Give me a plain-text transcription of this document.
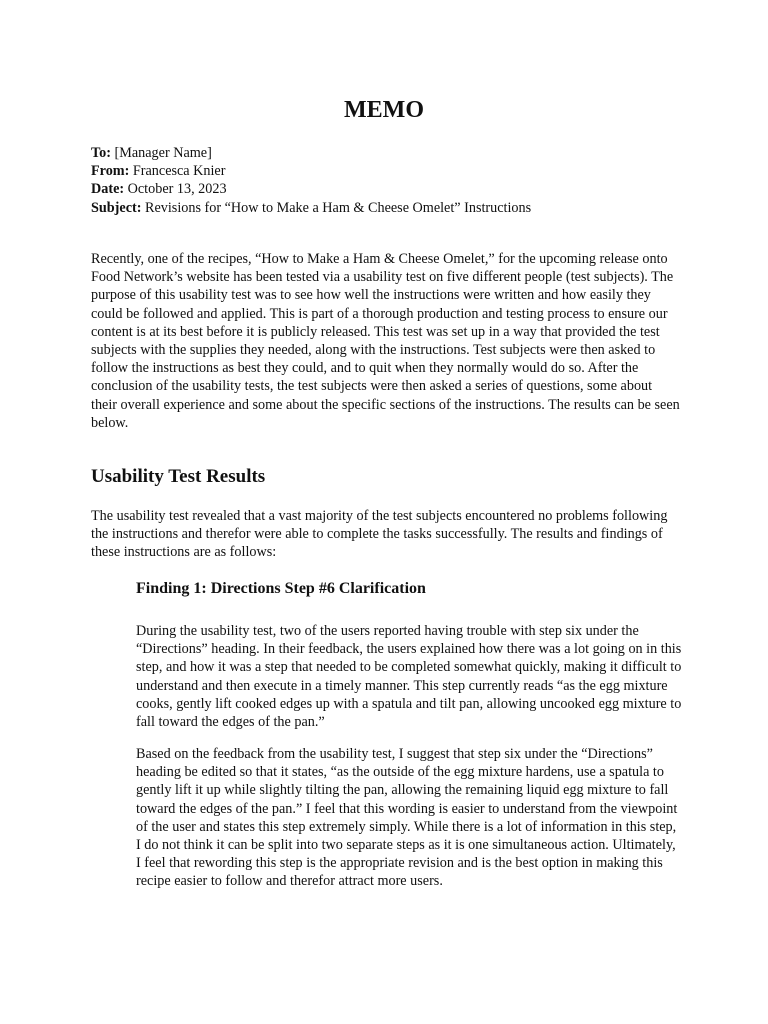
MEMO
To: [Manager Name]
From: Francesca Knier
Date: October 13, 2023
Subject: Revisions for “How to Make a Ham & Cheese Omelet” Instructions

Recently, one of the recipes, “How to Make a Ham & Cheese Omelet,” for the upcoming release onto Food Network’s website has been tested via a usability test on five different people (test subjects). The purpose of this usability test was to see how well the instructions were written and how easily they could be followed and applied. This is part of a thorough production and testing process to ensure our content is at its best before it is publicly released. This test was set up in a way that provided the test subjects with the supplies they needed, along with the instructions. Test subjects were then asked to follow the instructions as best they could, and to quit when they normally would do so. After the conclusion of the usability tests, the test subjects were then asked a series of questions, some about their overall experience and some about the specific sections of the instructions. The results can be seen below.

Usability Test Results

The usability test revealed that a vast majority of the test subjects encountered no problems following the instructions and therefor were able to complete the tasks successfully. The results and findings of these instructions are as follows:

Finding 1: Directions Step #6 Clarification

During the usability test, two of the users reported having trouble with step six under the “Directions” heading. In their feedback, the users explained how there was a lot going on in this step, and how it was a step that needed to be completed somewhat quickly, making it difficult to understand and then execute in a timely manner. This step currently reads “as the egg mixture cooks, gently lift cooked edges up with a spatula and tilt pan, allowing uncooked egg mixture to fall toward the edges of the pan.”

Based on the feedback from the usability test, I suggest that step six under the “Directions” heading be edited so that it states, “as the outside of the egg mixture hardens, use a spatula to gently lift it up while slightly tilting the pan, allowing the remaining liquid egg mixture to fall toward the edges of the pan.” I feel that this wording is easier to understand from the viewpoint of the user and states this step extremely simply. While there is a lot of information in this step, I do not think it can be split into two separate steps as it is one simultaneous action. Ultimately, I feel that rewording this step is the appropriate revision and is the best option in making this recipe easier to follow and therefor attract more users.
